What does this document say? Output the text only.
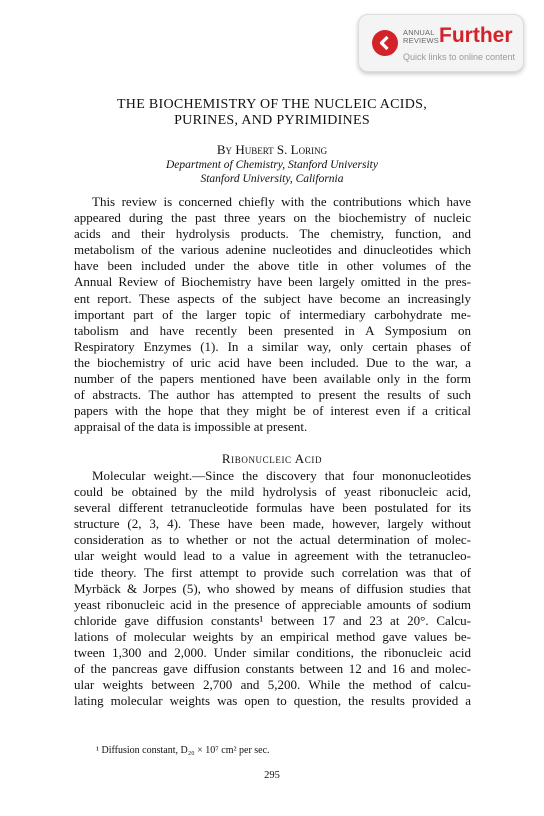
ANNUAL
REVIEWS Further
Quick links to online content
THE BIOCHEMISTRY OF THE NUCLEIC ACIDS,
PURINES, AND PYRIMIDINES
By Hubert S. Loring
Department of Chemistry, Stanford University
Stanford University, California
This review is concerned chiefly with the contributions which have
appeared during the past three years on the biochemistry of nucleic
acids and their hydrolysis products. The chemistry, function, and
metabolism of the various adenine nucleotides and dinucleotides which
have been included under the above title in other volumes of the
Annual Review of Biochemistry have been largely omitted in the pres-
ent report. These aspects of the subject have become an increasingly
important part of the larger topic of intermediary carbohydrate me-
tabolism and have recently been presented in A Symposium on
Respiratory Enzymes (1). In a similar way, only certain phases of
the biochemistry of uric acid have been included. Due to the war, a
number of the papers mentioned have been available only in the form
of abstracts. The author has attempted to present the results of such
papers with the hope that they might be of interest even if a critical
appraisal of the data is impossible at present.
Ribonucleic Acid
Molecular weight.—Since the discovery that four mononucleotides
could be obtained by the mild hydrolysis of yeast ribonucleic acid,
several different tetranucleotide formulas have been postulated for its
structure (2, 3, 4). These have been made, however, largely without
consideration as to whether or not the actual determination of molec-
ular weight would lead to a value in agreement with the tetranucleo-
tide theory. The first attempt to provide such correlation was that of
Myrbäck & Jorpes (5), who showed by means of diffusion studies that
yeast ribonucleic acid in the presence of appreciable amounts of sodium
chloride gave diffusion constants¹ between 17 and 23 at 20°. Calcu-
lations of molecular weights by an empirical method gave values be-
tween 1,300 and 2,000. Under similar conditions, the ribonucleic acid
of the pancreas gave diffusion constants between 12 and 16 and molec-
ular weights between 2,700 and 5,200. While the method of calcu-
lating molecular weights was open to question, the results provided a
¹ Diffusion constant, D₂₀ × 10⁷ cm² per sec.
295
